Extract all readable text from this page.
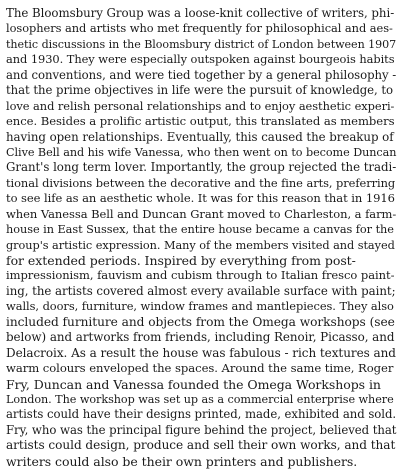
The Bloomsbury Group was a loose-knit collective of writers, phi-
losophers and artists who met frequently for philosophical and aes-
thetic discussions in the Bloomsbury district of London between 1907
and 1930. They were especially outspoken against bourgeois habits
and conventions, and were tied together by a general philosophy -
that the prime objectives in life were the pursuit of knowledge, to
love and relish personal relationships and to enjoy aesthetic experi-
ence. Besides a prolific artistic output, this translated as members
having open relationships. Eventually, this caused the breakup of
Clive Bell and his wife Vanessa, who then went on to become Duncan
Grant's long term lover. Importantly, the group rejected the tradi-
tional divisions between the decorative and the fine arts, preferring
to see life as an aesthetic whole. It was for this reason that in 1916
when Vanessa Bell and Duncan Grant moved to Charleston, a farm-
house in East Sussex, that the entire house became a canvas for the
group's artistic expression. Many of the members visited and stayed
for extended periods. Inspired by everything from post-
impressionism, fauvism and cubism through to Italian fresco paint-
ing, the artists covered almost every available surface with paint;
walls, doors, furniture, window frames and mantlepieces. They also
included furniture and objects from the Omega workshops (see
below) and artworks from friends, including Renoir, Picasso, and
Delacroix. As a result the house was fabulous - rich textures and
warm colours enveloped the spaces. Around the same time, Roger
Fry, Duncan and Vanessa founded the Omega Workshops in
London. The workshop was set up as a commercial enterprise where
artists could have their designs printed, made, exhibited and sold.
Fry, who was the principal figure behind the project, believed that
artists could design, produce and sell their own works, and that
writers could also be their own printers and publishers.
